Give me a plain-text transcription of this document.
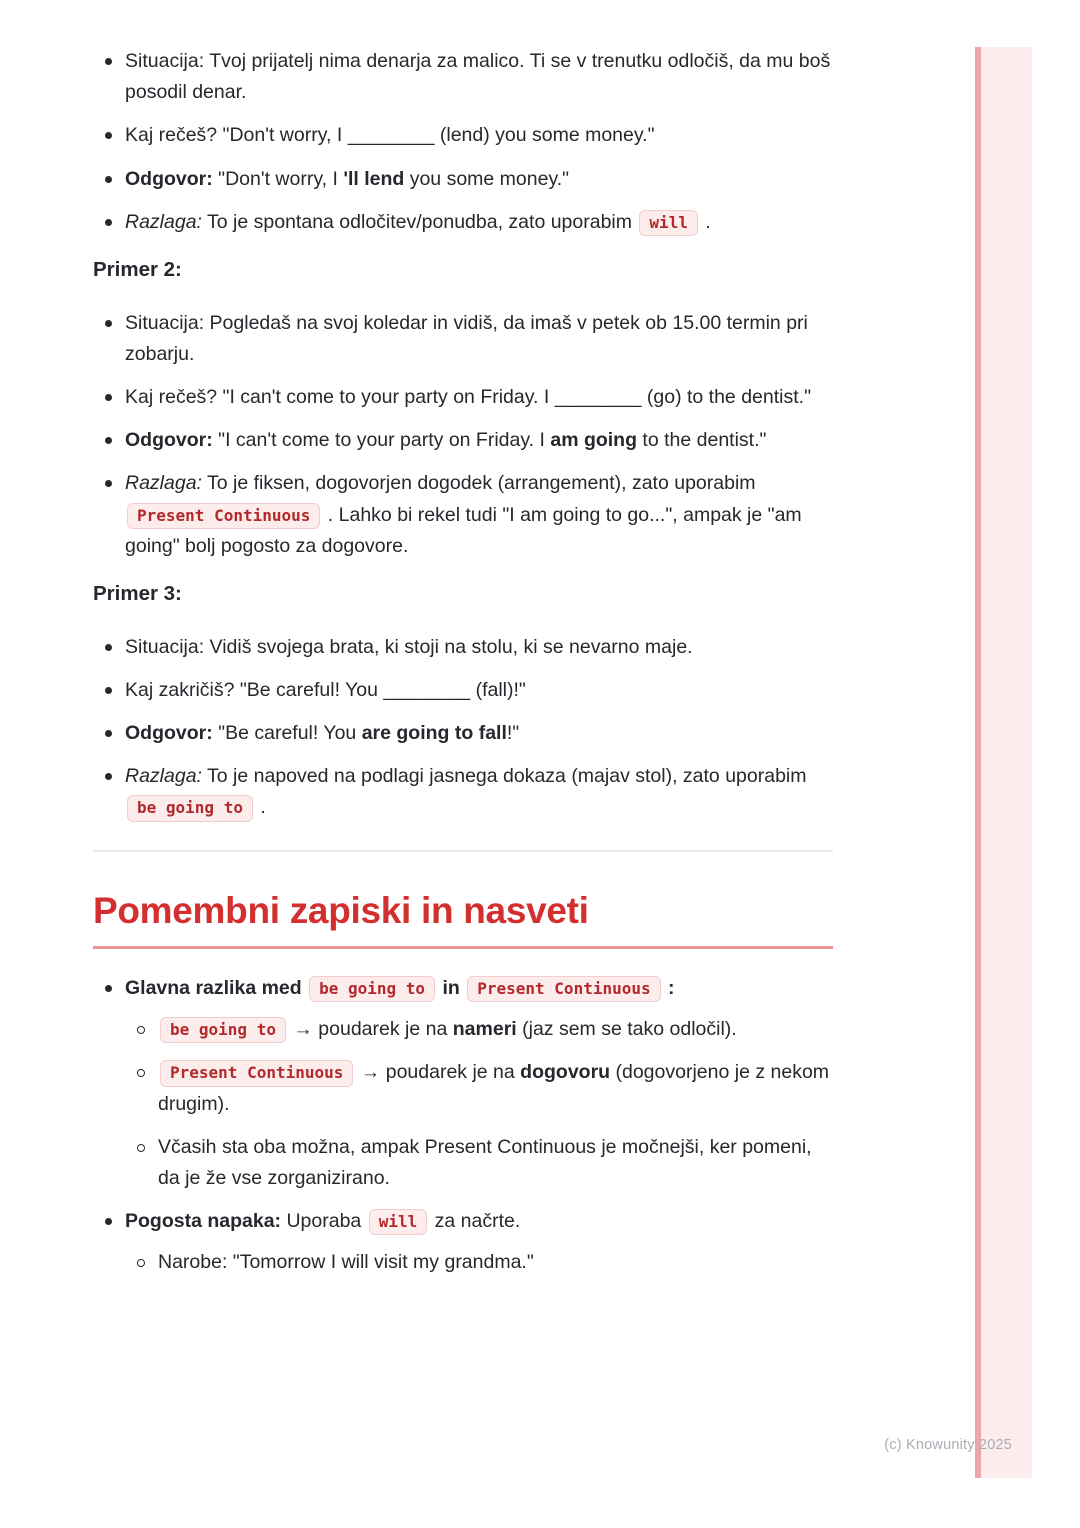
Situacija: Tvoj prijatelj nima denarja za malico. Ti se v trenutku odločiš, da mu boš posodil denar.
Kaj rečeš? "Don't worry, I ________ (lend) you some money."
Odgovor: "Don't worry, I 'll lend you some money."
Razlaga: To je spontana odločitev/ponudba, zato uporabim will .
Primer 2:
Situacija: Pogledaš na svoj koledar in vidiš, da imaš v petek ob 15.00 termin pri zobarju.
Kaj rečeš? "I can't come to your party on Friday. I ________ (go) to the dentist."
Odgovor: "I can't come to your party on Friday. I am going to the dentist."
Razlaga: To je fiksen, dogovorjen dogodek (arrangement), zato uporabim Present Continuous . Lahko bi rekel tudi "I am going to go...", ampak je "am going" bolj pogosto za dogovore.
Primer 3:
Situacija: Vidiš svojega brata, ki stoji na stolu, ki se nevarno maje.
Kaj zakričiš? "Be careful! You ________ (fall)!"
Odgovor: "Be careful! You are going to fall!"
Razlaga: To je napoved na podlagi jasnega dokaza (majav stol), zato uporabim be going to .
Pomembni zapiski in nasveti
Glavna razlika med be going to in Present Continuous :
be going to → poudarek je na nameri (jaz sem se tako odločil).
Present Continuous → poudarek je na dogovoru (dogovorjeno je z nekom drugim).
Včasih sta oba možna, ampak Present Continuous je močnejši, ker pomeni, da je že vse zorganizirano.
Pogosta napaka: Uporaba will za načrte.
Narobe: "Tomorrow I will visit my grandma."
(c) Knowunity 2025
